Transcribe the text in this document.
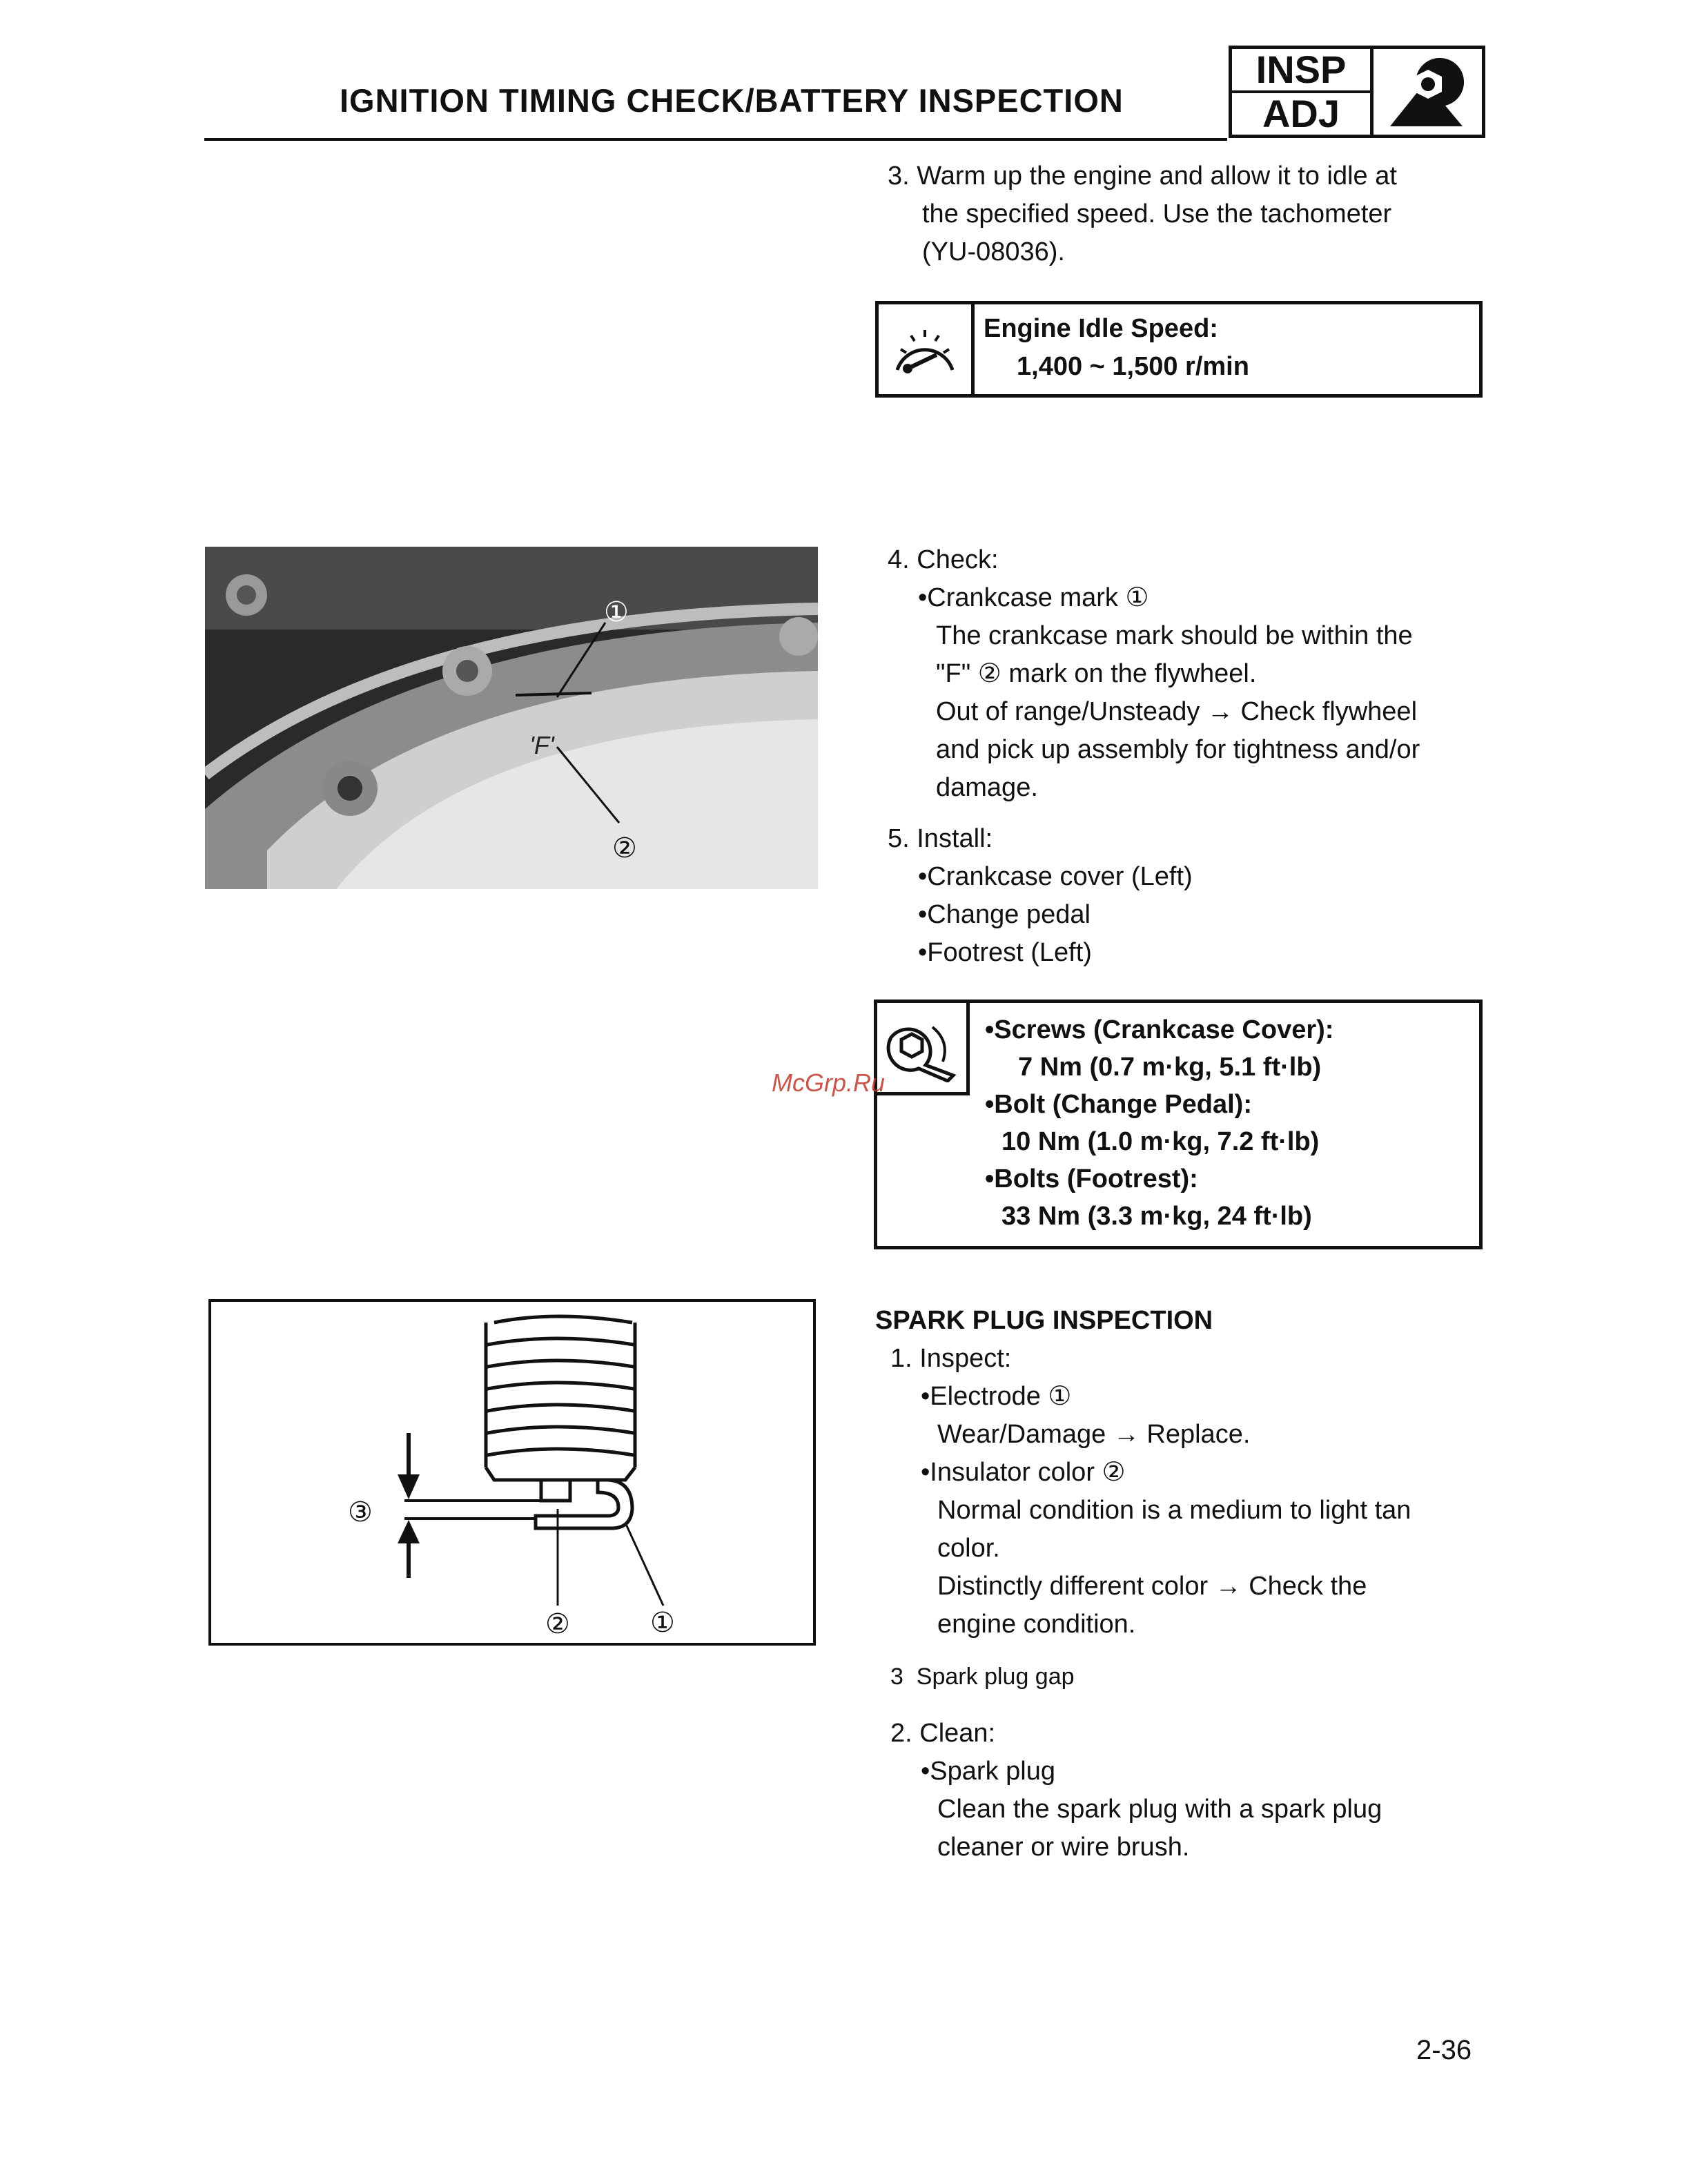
IGNITION TIMING CHECK/BATTERY INSPECTION
INSP
ADJ
3. Warm up the engine and allow it to idle at
the specified speed. Use the tachometer
(YU-08036).
Engine Idle Speed:
1,400 ~ 1,500 r/min
'F'
①
②
4. Check:
•Crankcase mark ①
The crankcase mark should be within the
"F" ② mark on the flywheel.
Out of range/Unsteady → Check flywheel
and pick up assembly for tightness and/or
damage.
5. Install:
•Crankcase cover (Left)
•Change pedal
•Footrest (Left)
•Screws (Crankcase Cover):
7 Nm (0.7 m·kg, 5.1 ft·lb)
•Bolt (Change Pedal):
10 Nm (1.0 m·kg, 7.2 ft·lb)
•Bolts (Footrest):
33 Nm (3.3 m·kg, 24 ft·lb)
McGrp.Ru
③
②	①
SPARK PLUG INSPECTION
1. Inspect:
•Electrode ①
Wear/Damage → Replace.
•Insulator color ②
Normal condition is a medium to light tan
color.
Distinctly different color → Check the
engine condition.
3  Spark plug gap
2. Clean:
•Spark plug
Clean the spark plug with a spark plug
cleaner or wire brush.
2-36
